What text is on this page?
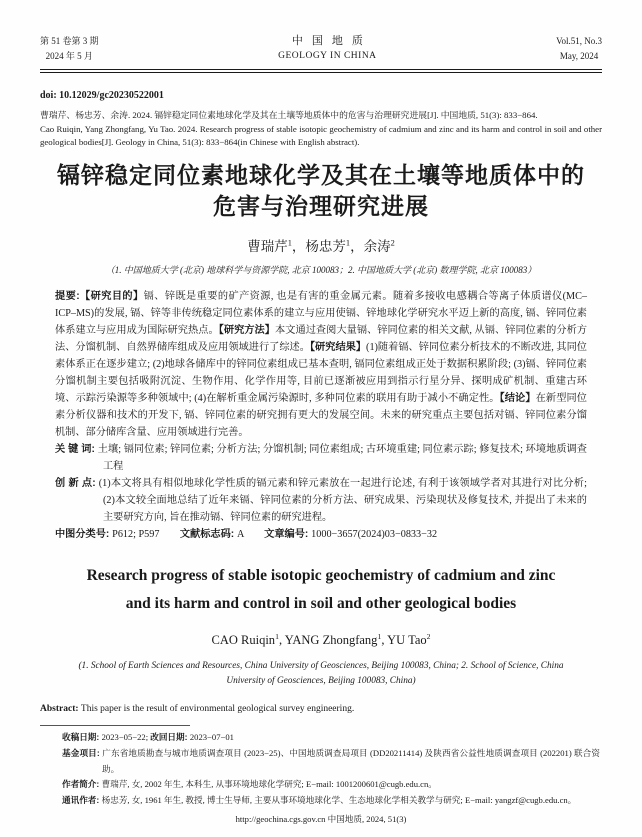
第 51 卷第 3 期
2024 年 5 月
中国地质
GEOLOGY IN CHINA
Vol.51, No.3
May, 2024
doi: 10.12029/gc20230522001
曹瑞芹、杨忠芳、余涛. 2024. 镉锌稳定同位素地球化学及其在土壤等地质体中的危害与治理研究进展[J]. 中国地质, 51(3): 833−864.
Cao Ruiqin, Yang Zhongfang, Yu Tao. 2024. Research progress of stable isotopic geochemistry of cadmium and zinc and its harm and control in soil and other geological bodies[J]. Geology in China, 51(3): 833−864(in Chinese with English abstract).
镉锌稳定同位素地球化学及其在土壤等地质体中的
危害与治理研究进展
曹瑞芹$^1$，杨忠芳$^1$，余涛$^2$
（1. 中国地质大学 (北京) 地球科学与资源学院, 北京 100083；2. 中国地质大学 (北京) 数理学院, 北京 100083）

提要:【研究目的】镉、锌既是重要的矿产资源, 也是有害的重金属元素。随着多接收电感耦合等离子体质谱仪(MC–ICP–MS)的发展, 镉、锌等非传统稳定同位素体系的建立与应用使镉、锌地球化学研究水平迈上新的高度, 镉、锌同位素体系建立与应用成为国际研究热点。【研究方法】本文通过查阅大量镉、锌同位素的相关文献, 从镉、锌同位素的分析方法、分馏机制、自然界储库组成及应用领域进行了综述。【研究结果】(1)随着镉、锌同位素分析技术的不断改进, 其同位素体系正在逐步建立; (2)地球各储库中的锌同位素组成已基本查明, 镉同位素组成正处于数据积累阶段; (3)镉、锌同位素分馏机制主要包括吸附沉淀、生物作用、化学作用等, 目前已逐渐被应用到指示行星分异、探明成矿机制、重建古环境、示踪污染源等多种领域中; (4)在解析重金属污染源时, 多种同位素的联用有助于减小不确定性。【结论】在新型同位素分析仪器和技术的开发下, 镉、锌同位素的研究拥有更大的发展空间。未来的研究重点主要包括对镉、锌同位素分馏机制、部分储库含量、应用领域进行完善。

关 键 词: 土壤; 镉同位素; 锌同位素; 分析方法; 分馏机制; 同位素组成; 古环境重建; 同位素示踪; 修复技术; 环境地质调查工程

创 新 点: (1)本文将具有相似地球化学性质的镉元素和锌元素放在一起进行论述, 有利于该领域学者对其进行对比分析; (2)本文较全面地总结了近年来镉、锌同位素的分析方法、研究成果、污染现状及修复技术, 并提出了未来的主要研究方向, 旨在推动镉、锌同位素的研究进程。

中图分类号: P612; P597　　 文献标志码: A　　 文章编号: 1000−3657(2024)03−0833−32

Research progress of stable isotopic geochemistry of cadmium and zinc and its harm and control in soil and other geological bodies
CAO Ruiqin$^1$, YANG Zhongfang$^1$, YU Tao$^2$
(1. School of Earth Sciences and Resources, China University of Geosciences, Beijing 100083, China; 2. School of Science, China University of Geosciences, Beijing 100083, China)

Abstract: This paper is the result of environmental geological survey engineering.

收稿日期: 2023−05−22; 改回日期: 2023−07−01
基金项目: 广东省地质勘查与城市地质调查项目 (2023−25)、中国地质调查局项目 (DD20211414) 及陕西省公益性地质调查项目 (202201) 联合资助。
作者简介: 曹瑞芹, 女, 2002 年生, 本科生, 从事环境地球化学研究; E−mail: 1001200601@cugb.edu.cn。
通讯作者: 杨忠芳, 女, 1961 年生, 教授, 博士生导师, 主要从事环境地球化学、生态地球化学相关教学与研究; E−mail: yangzf@cugb.edu.cn。
http://geochina.cgs.gov.cn 中国地质, 2024, 51(3)
